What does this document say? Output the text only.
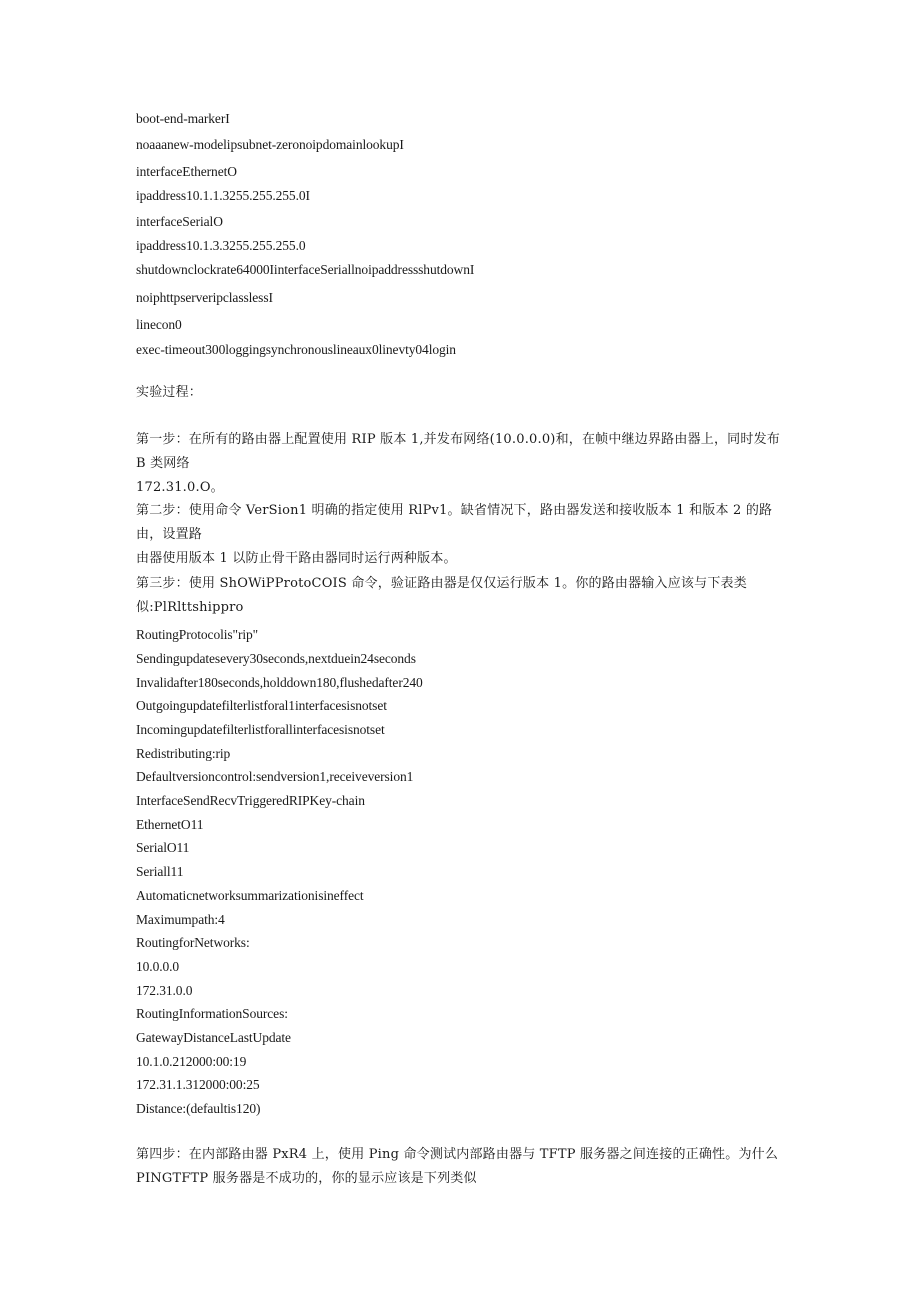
boot-end-markerI
noaaanew-modelipsubnet-zeronoipdomainlookupI
interfaceEthernetO
ipaddress10.1.1.3255.255.255.0I
interfaceSerialO
ipaddress10.1.3.3255.255.255.0
shutdownclockrate64000IinterfaceSeriallnoipaddressshutdownI
noiphttpserveripclasslessI
linecon0
exec-timeout300loggingsynchronouslineaux0linevty04login
实验过程：

第一步：在所有的路由器上配置使用 RIP 版本 1,并发布网络(10.0.0.0)和，在帧中继边界路由器上，同时发布 B 类网络

172.31.0.O。

第二步：使用命令 VerSion1 明确的指定使用 RlPv1。缺省情况下，路由器发送和接收版本 1 和版本 2 的路由，设置路

由器使用版本 1 以防止骨干路由器同时运行两种版本。

第三步：使用 ShOWiPProtoCOIS 命令，验证路由器是仅仅运行版本 1。你的路由器输入应该与下表类

似:PlRlttshippro

RoutingProtocolis"rip"
Sendingupdatesevery30seconds,nextduein24seconds
Invalidafter180seconds,holddown180,flushedafter240
Outgoingupdatefilterlistforal1interfacesisnotset
Incomingupdatefilterlistforallinterfacesisnotset
Redistributing:rip
Defaultversioncontrol:sendversion1,receiveversion1
InterfaceSendRecvTriggeredRIPKey-chain
EthernetO11
SerialO11
Seriall11
Automaticnetworksummarizationisineffect
Maximumpath:4
RoutingforNetworks:
10.0.0.0
172.31.0.0
RoutingInformationSources:
GatewayDistanceLastUpdate
10.1.0.212000:00:19
172.31.1.312000:00:25
Distance:(defaultis120)

第四步：在内部路由器 PxR4 上，使用 Ping 命令测试内部路由器与 TFTP 服务器之间连接的正确性。为什么

PINGTFTP 服务器是不成功的，你的显示应该是下列类似
